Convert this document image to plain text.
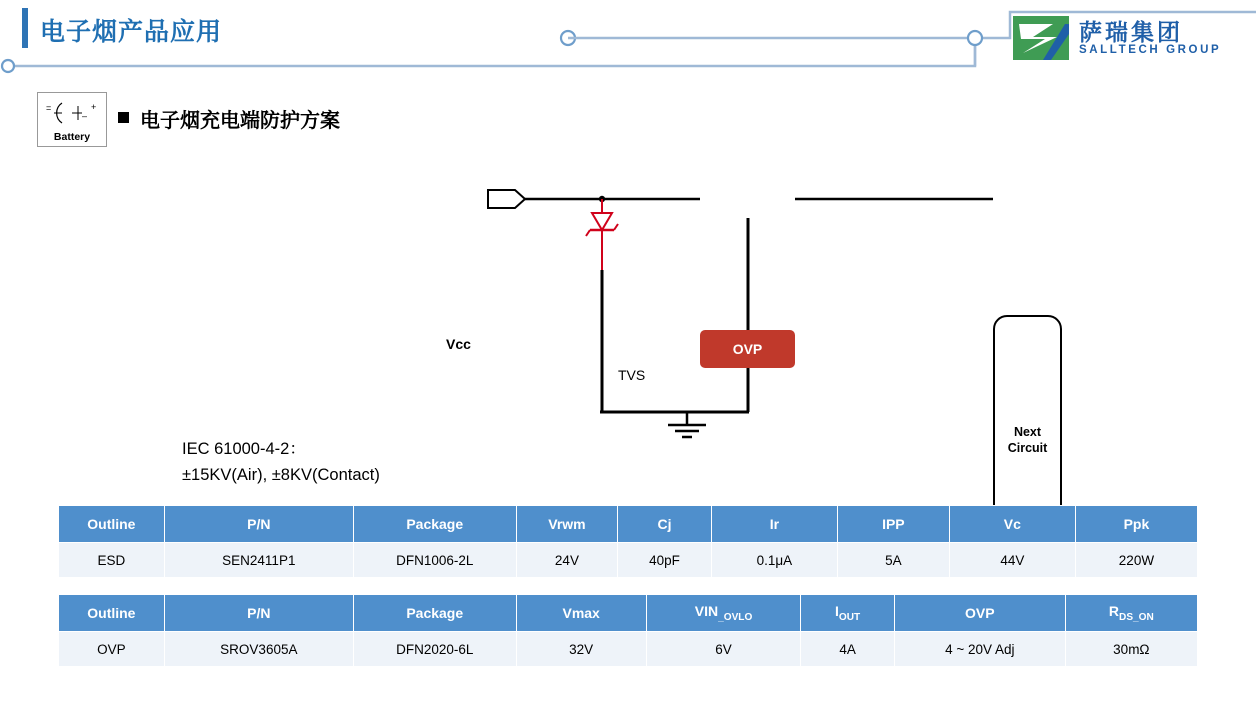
电子烟产品应用	萨瑞集团
SALLTECH GROUP
=	+
–
Battery
电子烟充电端防护方案
Vcc
TVS
OVP
Next
Circuit
IEC 61000-4-2：
±15KV(Air), ±8KV(Contact)
Outline	P/N	Package	Vrwm	Cj	Ir	IPP	Vc	Ppk
ESD	SEN2411P1	DFN1006-2L	24V	40pF	0.1μA	5A	44V	220W
Outline	P/N	Package	Vmax	$VIN_{\_OVLO}$	$I_{OUT}$	OVP	$R_{DS\_ON}$
OVP	SROV3605A	DFN2020-6L	32V	6V	4A	4 ~ 20V Adj	30mΩ
